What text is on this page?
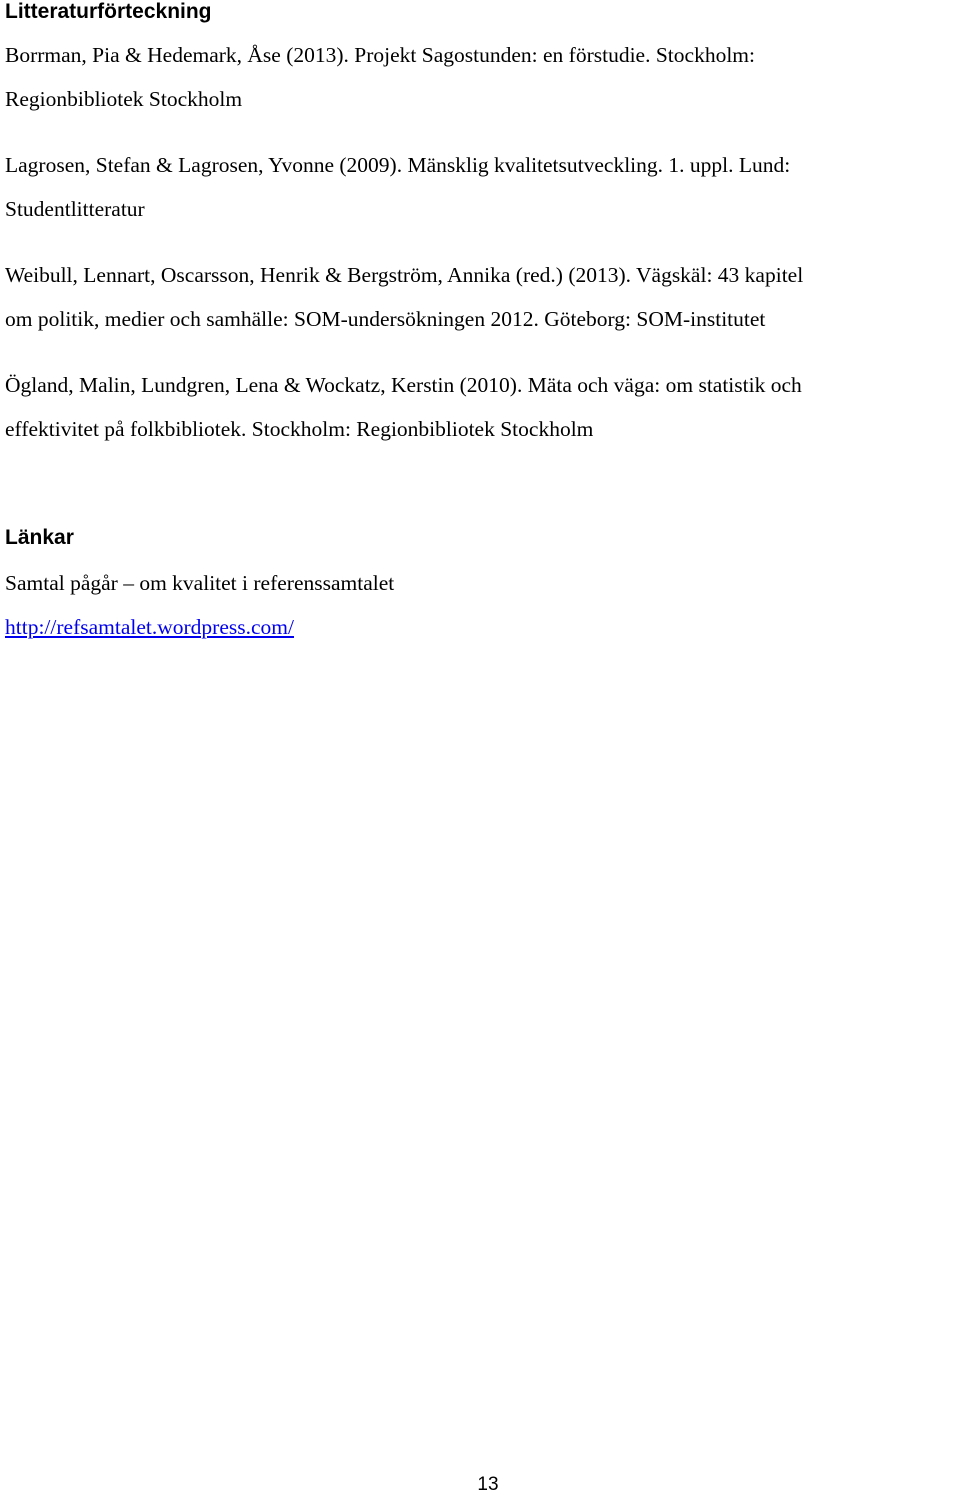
Litteraturförteckning

Borrman, Pia & Hedemark, Åse (2013). Projekt Sagostunden: en förstudie. Stockholm:

Regionbibliotek Stockholm

Lagrosen, Stefan & Lagrosen, Yvonne (2009). Mänsklig kvalitetsutveckling. 1. uppl. Lund:

Studentlitteratur

Weibull, Lennart, Oscarsson, Henrik & Bergström, Annika (red.) (2013). Vägskäl: 43 kapitel

om politik, medier och samhälle: SOM-undersökningen 2012. Göteborg: SOM-institutet

Ögland, Malin, Lundgren, Lena & Wockatz, Kerstin (2010). Mäta och väga: om statistik och

effektivitet på folkbibliotek. Stockholm: Regionbibliotek Stockholm

Länkar

Samtal pågår – om kvalitet i referenssamtalet

http://refsamtalet.wordpress.com/
13
